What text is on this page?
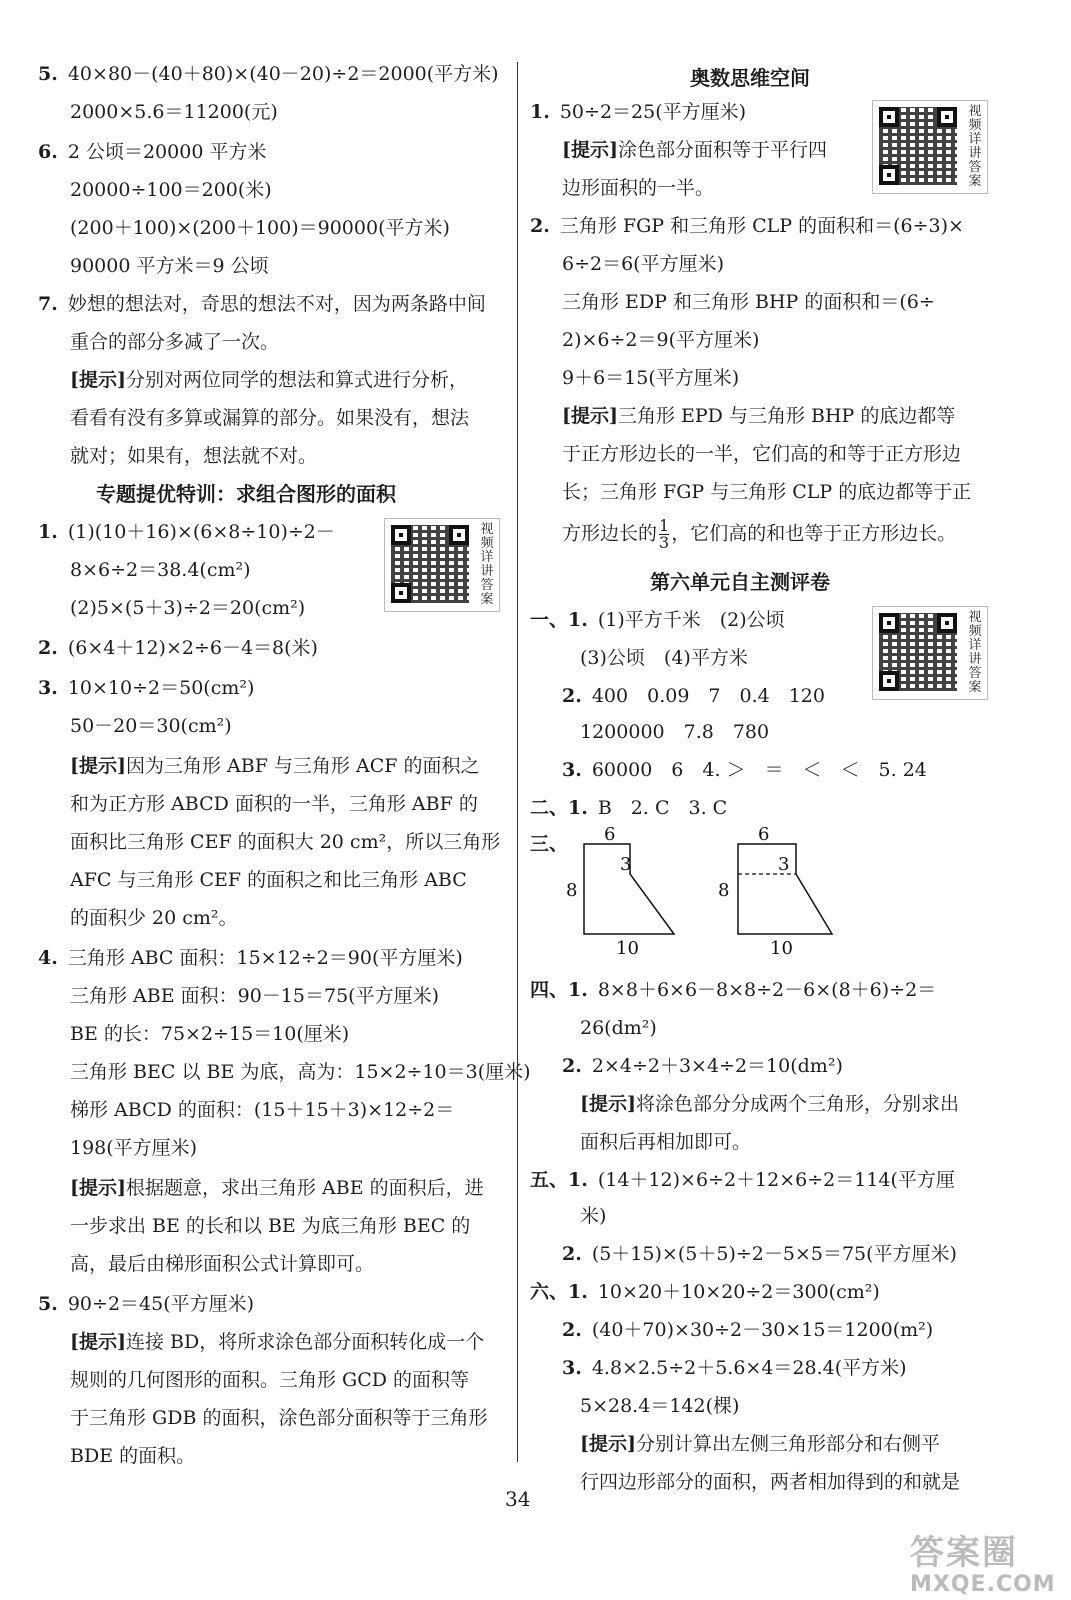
5. 40×80－(40＋80)×(40－20)÷2＝2000(平方米)
2000×5.6＝11200(元)
6. 2 公顷＝20000 平方米
20000÷100＝200(米)
(200＋100)×(200＋100)＝90000(平方米)
90000 平方米＝9 公顷
7. 妙想的想法对，奇思的想法不对，因为两条路中间
重合的部分多减了一次。
[提示]分别对两位同学的想法和算式进行分析，
看看有没有多算或漏算的部分。如果没有，想法
就对；如果有，想法就不对。
1. (1)(10＋16)×(6×8÷10)÷2－
8×6÷2＝38.4(cm²)
(2)5×(5＋3)÷2＝20(cm²)
2. (6×4＋12)×2÷6－4＝8(米)
3. 10×10÷2＝50(cm²)
50－20＝30(cm²)
[提示]因为三角形 ABF 与三角形 ACF 的面积之
和为正方形 ABCD 面积的一半，三角形 ABF 的
面积比三角形 CEF 的面积大 20 cm²，所以三角形
AFC 与三角形 CEF 的面积之和比三角形 ABC
的面积少 20 cm²。
4. 三角形 ABC 面积：15×12÷2＝90(平方厘米)
三角形 ABE 面积：90－15＝75(平方厘米)
BE 的长：75×2÷15＝10(厘米)
三角形 BEC 以 BE 为底，高为：15×2÷10＝3(厘米)
梯形 ABCD 的面积：(15＋15＋3)×12÷2＝
198(平方厘米)
[提示]根据题意，求出三角形 ABE 的面积后，进
一步求出 BE 的长和以 BE 为底三角形 BEC 的
高，最后由梯形面积公式计算即可。
5. 90÷2＝45(平方厘米)
[提示]连接 BD，将所求涂色部分面积转化成一个
规则的几何图形的面积。三角形 GCD 的面积等
于三角形 GDB 的面积，涂色部分面积等于三角形
BDE 的面积。
1. 50÷2＝25(平方厘米)
[提示]涂色部分面积等于平行四
边形面积的一半。
2. 三角形 FGP 和三角形 CLP 的面积和＝(6÷3)×
6÷2＝6(平方厘米)
三角形 EDP 和三角形 BHP 的面积和＝(6÷
2)×6÷2＝9(平方厘米)
9＋6＝15(平方厘米)
[提示]三角形 EPD 与三角形 BHP 的底边都等
于正方形边长的一半，它们高的和等于正方形边
长；三角形 FGP 与三角形 CLP 的底边都等于正
一、1. (1)平方千米　(2)公顷
(3)公顷　(4)平方米
2. 400　0.09　7　0.4　120
1200000　7.8　780
3. 60000　6　4. ＞　＝　＜　＜　5. 24
二、1. B　2. C　3. C
三、
四、1. 8×8＋6×6－8×8÷2－6×(8＋6)÷2＝
26(dm²)
2. 2×4÷2＋3×4÷2＝10(dm²)
[提示]将涂色部分分成两个三角形，分别求出
面积后再相加即可。
五、1. (14＋12)×6÷2＋12×6÷2＝114(平方厘
米)
2. (5＋15)×(5＋5)÷2－5×5＝75(平方厘米)
六、1. 10×20＋10×20÷2＝300(cm²)
2. (40＋70)×30÷2－30×15＝1200(m²)
3. 4.8×2.5÷2＋5.6×4＝28.4(平方米)
5×28.4＝142(棵)
[提示]分别计算出左侧三角形部分和右侧平
行四边形部分的面积，两者相加得到的和就是
专题提优特训：求组合图形的面积
奥数思维空间
第六单元自主测评卷
方形边长的 $\frac{1}{3}$ ，它们高的和也等于正方形边长。
视频详讲答案
视频详讲答案
视频详讲答案
6
3
8
10
6
3
8
10
34
答案圈
MXQE.COM
